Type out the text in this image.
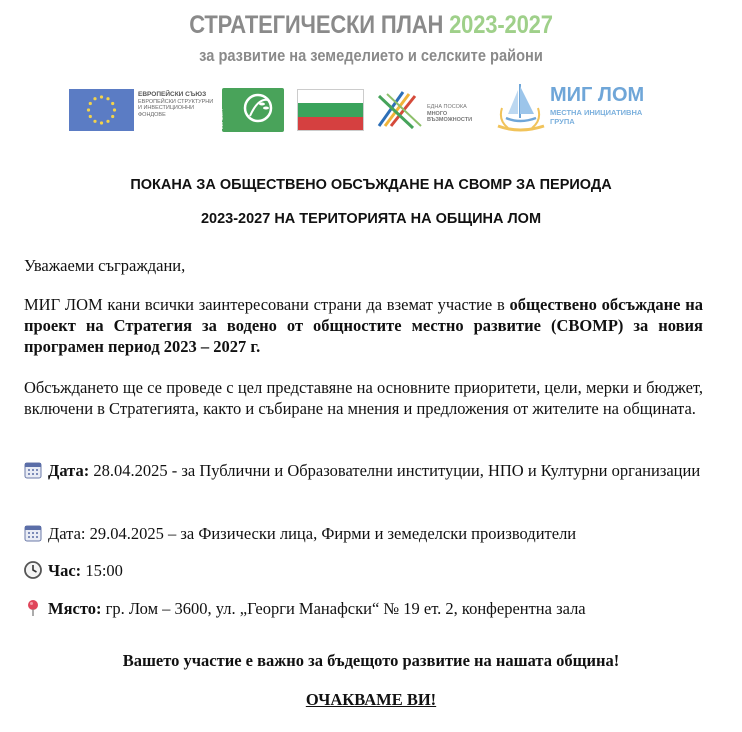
СТРАТЕГИЧЕСКИ ПЛАН 2023-2027
за развитие на земеделието и селските райони
ЕВРОПЕЙСКИ СЪЮЗ
ЕВРОПЕЙСКИ СТРУКТУРНИ
И ИНВЕСТИЦИОННИ
ФОНДОВЕ	LEADER
ЕДНА ПОСОКА
МНОГО
ВЪЗМОЖНОСТИ
МИГ ЛОМ
МЕСТНА ИНИЦИАТИВНА
ГРУПА
ПОКАНА ЗА ОБЩЕСТВЕНО ОБСЪЖДАНЕ НА СВОМР ЗА ПЕРИОДА
2023-2027 НА ТЕРИТОРИЯТА НА ОБЩИНА ЛОМ
Уважаеми съграждани,
МИГ ЛОМ кани всички заинтересовани страни да вземат участие в обществено обсъждане на проект на Стратегия за водено от общностите местно развитие (СВОМР) за новия програмен период 2023 – 2027 г.
Обсъждането ще се проведе с цел представяне на основните приоритети, цели, мерки и бюджет, включени в Стратегията, както и събиране на мнения и предложения от жителите на общината.
Дата: 28.04.2025 - за Публични и Образователни институции, НПО и Културни организации
Дата: 29.04.2025 – за Физически лица, Фирми и земеделски производители
Час: 15:00
Място: гр. Лом – 3600, ул. „Георги Манафски“ № 19 ет. 2, конферентна зала
Вашето участие е важно за бъдещото развитие на нашата община!
ОЧАКВАМЕ ВИ!
